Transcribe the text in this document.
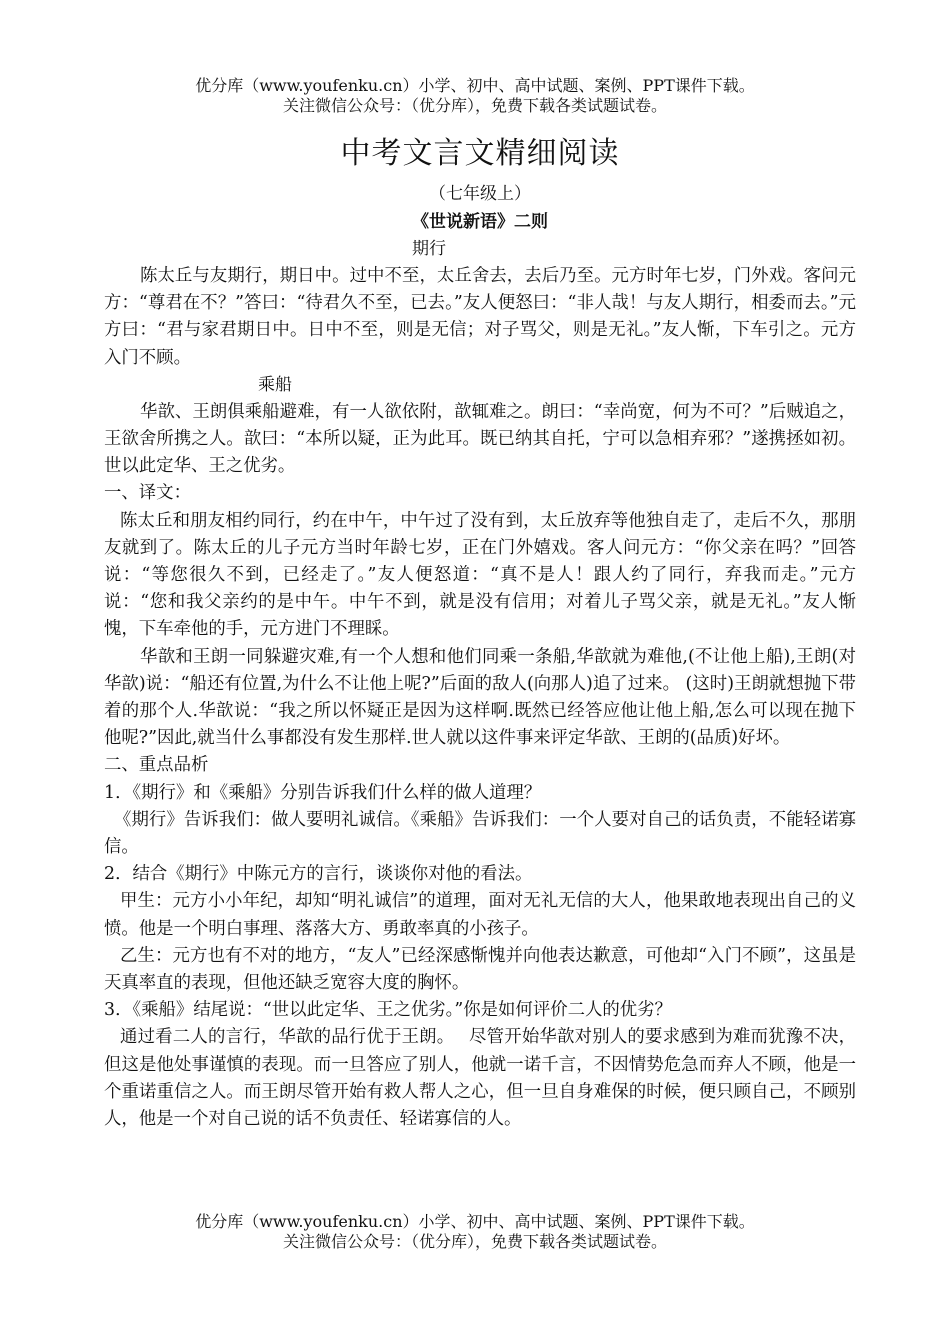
优分库（www.youfenku.cn）小学、初中、高中试题、案例、PPT课件下载。
关注微信公众号：（优分库），免费下载各类试题试卷。
中考文言文精细阅读

（七年级上）

《世说新语》二则

期行

陈太丘与友期行，期日中。过中不至，太丘舍去，去后乃至。元方时年七岁，门外戏。客问元方：“尊君在不？”答曰：“待君久不至，已去。”友人便怒曰：“非人哉！与友人期行，相委而去。”元方曰：“君与家君期日中。日中不至，则是无信；对子骂父，则是无礼。”友人惭，下车引之。元方入门不顾。

乘船

华歆、王朗俱乘船避难，有一人欲依附，歆辄难之。朗曰：“幸尚宽，何为不可？”后贼追之，王欲舍所携之人。歆曰：“本所以疑，正为此耳。既已纳其自托，宁可以急相弃邪？”遂携拯如初。世以此定华、王之优劣。

一、译文：

陈太丘和朋友相约同行，约在中午，中午过了没有到，太丘放弃等他独自走了，走后不久，那朋友就到了。陈太丘的儿子元方当时年龄七岁，正在门外嬉戏。客人问元方：“你父亲在吗？”回答说：“等您很久不到，已经走了。”友人便怒道：“真不是人！跟人约了同行，弃我而走。”元方说：“您和我父亲约的是中午。中午不到，就是没有信用；对着儿子骂父亲，就是无礼。”友人惭愧，下车牵他的手，元方进门不理睬。

华歆和王朗一同躲避灾难,有一个人想和他们同乘一条船,华歆就为难他,(不让他上船),王朗(对华歆)说：“船还有位置,为什么不让他上呢?”后面的敌人(向那人)追了过来。 (这时)王朗就想抛下带着的那个人.华歆说：“我之所以怀疑正是因为这样啊.既然已经答应他让他上船,怎么可以现在抛下他呢?”因此,就当什么事都没有发生那样.世人就以这件事来评定华歆、王朗的(品质)好坏。

二、重点品析

1．《期行》和《乘船》分别告诉我们什么样的做人道理？

《期行》告诉我们：做人要明礼诚信。《乘船》告诉我们：一个人要对自己的话负责，不能轻诺寡信。

2．结合《期行》中陈元方的言行，谈谈你对他的看法。

甲生：元方小小年纪，却知“明礼诚信”的道理，面对无礼无信的大人，他果敢地表现出自己的义愤。他是一个明白事理、落落大方、勇敢率真的小孩子。

乙生：元方也有不对的地方，“友人”已经深感惭愧并向他表达歉意，可他却“入门不顾”，这虽是天真率直的表现，但他还缺乏宽容大度的胸怀。

3．《乘船》结尾说：“世以此定华、王之优劣。”你是如何评价二人的优劣？

通过看二人的言行，华歆的品行优于王朗。　 尽管开始华歆对别人的要求感到为难而犹豫不决，但这是他处事谨慎的表现。而一旦答应了别人，他就一诺千言，不因情势危急而弃人不顾，他是一个重诺重信之人。而王朗尽管开始有救人帮人之心，但一旦自身难保的时候，便只顾自己，不顾别人，他是一个对自己说的话不负责任、轻诺寡信的人。

优分库（www.youfenku.cn）小学、初中、高中试题、案例、PPT课件下载。
关注微信公众号：（优分库），免费下载各类试题试卷。
